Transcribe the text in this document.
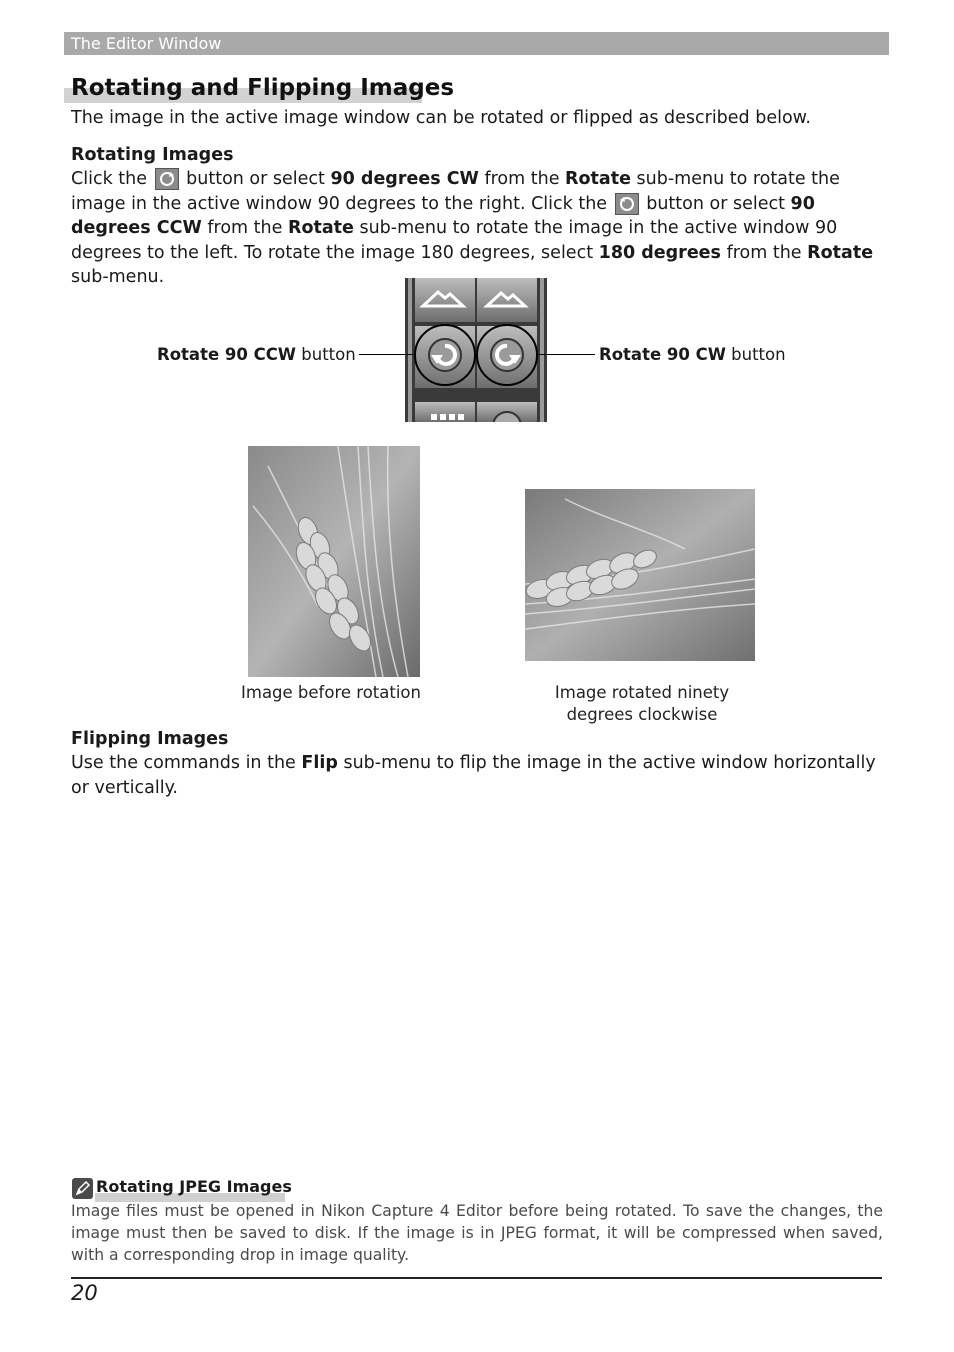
The Editor Window
Rotating and Flipping Images
The image in the active image window can be rotated or flipped as described below.
Rotating Images
Click the button or select 90 degrees CW from the Rotate sub-menu to rotate the image in the active window 90 degrees to the right. Click the button or select 90 degrees CCW from the Rotate sub-menu to rotate the image in the active window 90 degrees to the left. To rotate the image 180 degrees, select 180 degrees from the Rotate sub-menu.
Rotate 90 CCW button	Rotate 90 CW button
Image before rotation	Image rotated ninety
degrees clockwise
Flipping Images
Use the commands in the Flip sub-menu to flip the image in the active window horizontally or vertically.
Rotating JPEG Images
Image files must be opened in Nikon Capture 4 Editor before being rotated. To save the changes, the image must then be saved to disk. If the image is in JPEG format, it will be compressed when saved, with a corresponding drop in image quality.
20
